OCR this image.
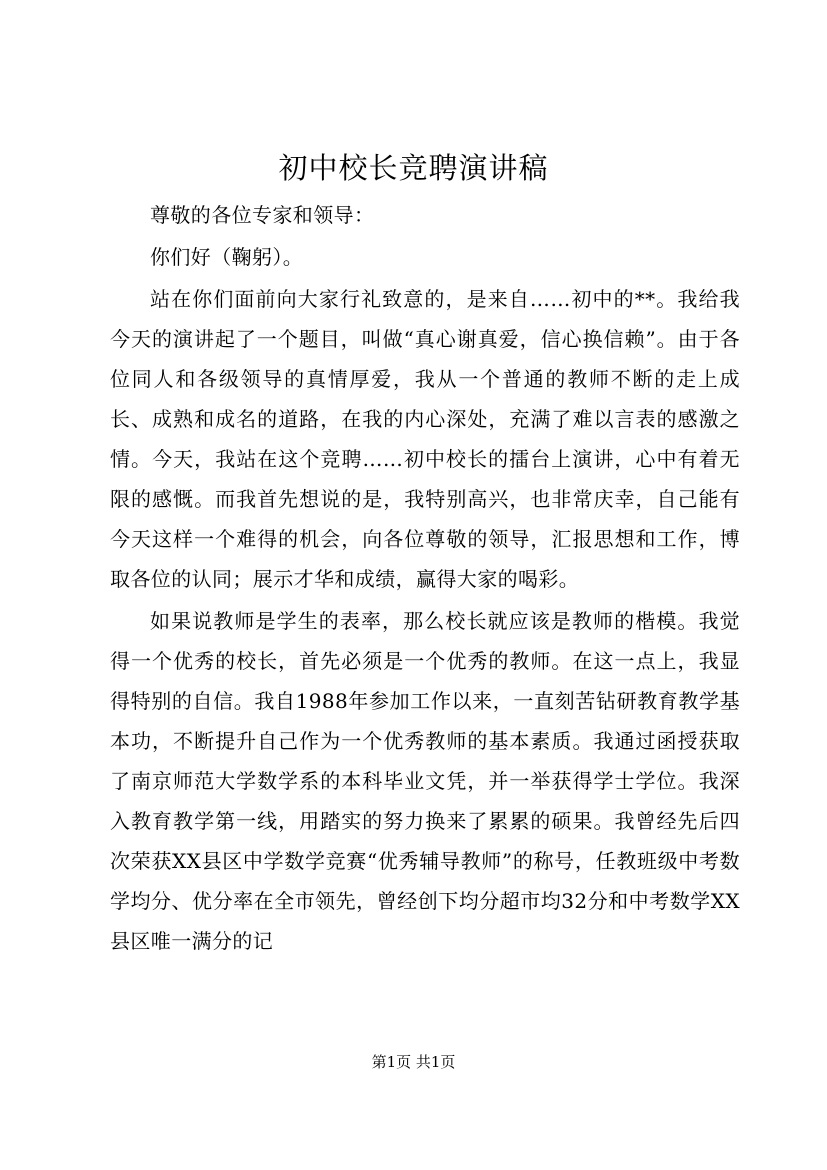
初中校长竞聘演讲稿

尊敬的各位专家和领导：

你们好（鞠躬）。

站在你们面前向大家行礼致意的，是来自……初中的**。我给我今天的演讲起了一个题目，叫做“真心谢真爱，信心换信赖”。由于各位同人和各级领导的真情厚爱，我从一个普通的教师不断的走上成长、成熟和成名的道路，在我的内心深处，充满了难以言表的感激之情。今天，我站在这个竞聘……初中校长的擂台上演讲，心中有着无限的感慨。而我首先想说的是，我特别高兴，也非常庆幸，自己能有今天这样一个难得的机会，向各位尊敬的领导，汇报思想和工作，博取各位的认同；展示才华和成绩，赢得大家的喝彩。

如果说教师是学生的表率，那么校长就应该是教师的楷模。我觉得一个优秀的校长，首先必须是一个优秀的教师。在这一点上，我显得特别的自信。我自1988年参加工作以来，一直刻苦钻研教育教学基本功，不断提升自己作为一个优秀教师的基本素质。我通过函授获取了南京师范大学数学系的本科毕业文凭，并一举获得学士学位。我深入教育教学第一线，用踏实的努力换来了累累的硕果。我曾经先后四次荣获XX县区中学数学竞赛“优秀辅导教师”的称号，任教班级中考数学均分、优分率在全市领先，曾经创下均分超市均32分和中考数学XX县区唯一满分的记

第1页 共1页
